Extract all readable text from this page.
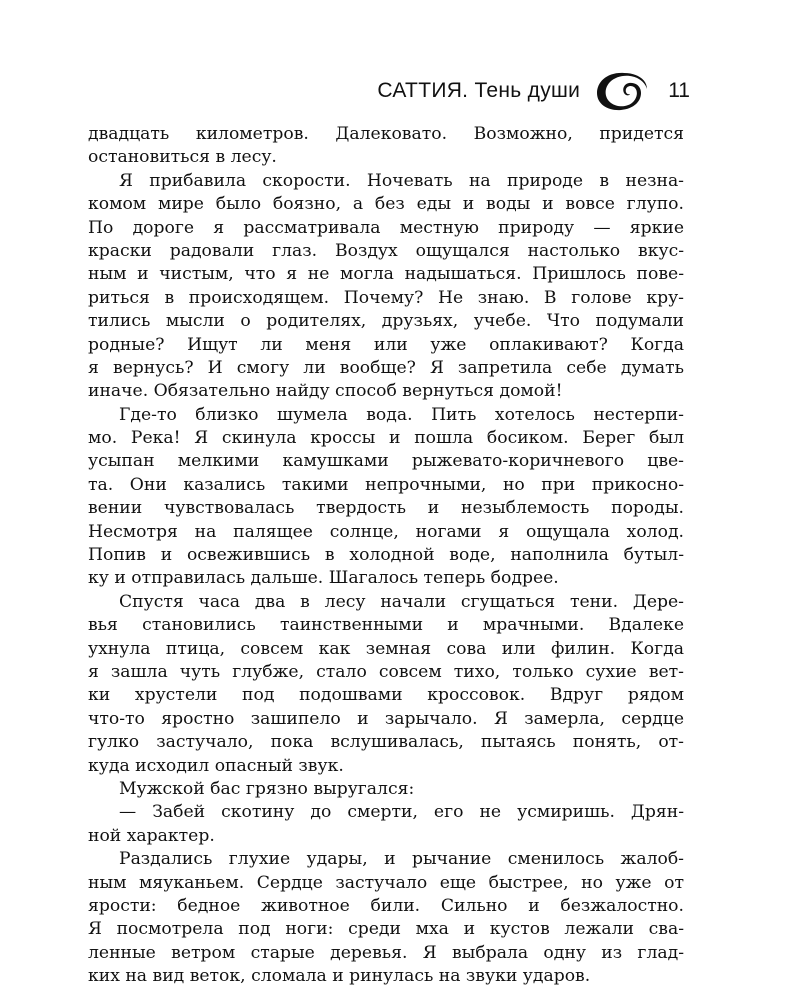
САТТИЯ. Тень души	11
двадцать километров. Далековато. Возможно, придется
остановиться в лесу.
Я прибавила скорости. Ночевать на природе в незна-
комом мире было боязно, а без еды и воды и вовсе глупо.
По дороге я рассматривала местную природу — яркие
краски радовали глаз. Воздух ощущался настолько вкус-
ным и чистым, что я не могла надышаться. Пришлось пове-
риться в происходящем. Почему? Не знаю. В голове кру-
тились мысли о родителях, друзьях, учебе. Что подумали
родные? Ищут ли меня или уже оплакивают? Когда
я вернусь? И смогу ли вообще? Я запретила себе думать
иначе. Обязательно найду способ вернуться домой!
Где-то близко шумела вода. Пить хотелось нестерпи-
мо. Река! Я скинула кроссы и пошла босиком. Берег был
усыпан мелкими камушками рыжевато-коричневого цве-
та. Они казались такими непрочными, но при прикосно-
вении чувствовалась твердость и незыблемость породы.
Несмотря на палящее солнце, ногами я ощущала холод.
Попив и освежившись в холодной воде, наполнила бутыл-
ку и отправилась дальше. Шагалось теперь бодрее.
Спустя часа два в лесу начали сгущаться тени. Дере-
вья становились таинственными и мрачными. Вдалеке
ухнула птица, совсем как земная сова или филин. Когда
я зашла чуть глубже, стало совсем тихо, только сухие вет-
ки хрустели под подошвами кроссовок. Вдруг рядом
что-то яростно зашипело и зарычало. Я замерла, сердце
гулко застучало, пока вслушивалась, пытаясь понять, от-
куда исходил опасный звук.
Мужской бас грязно выругался:
— Забей скотину до смерти, его не усмиришь. Дрян-
ной характер.
Раздались глухие удары, и рычание сменилось жалоб-
ным мяуканьем. Сердце застучало еще быстрее, но уже от
ярости: бедное животное били. Сильно и безжалостно.
Я посмотрела под ноги: среди мха и кустов лежали сва-
ленные ветром старые деревья. Я выбрала одну из глад-
ких на вид веток, сломала и ринулась на звуки ударов.
